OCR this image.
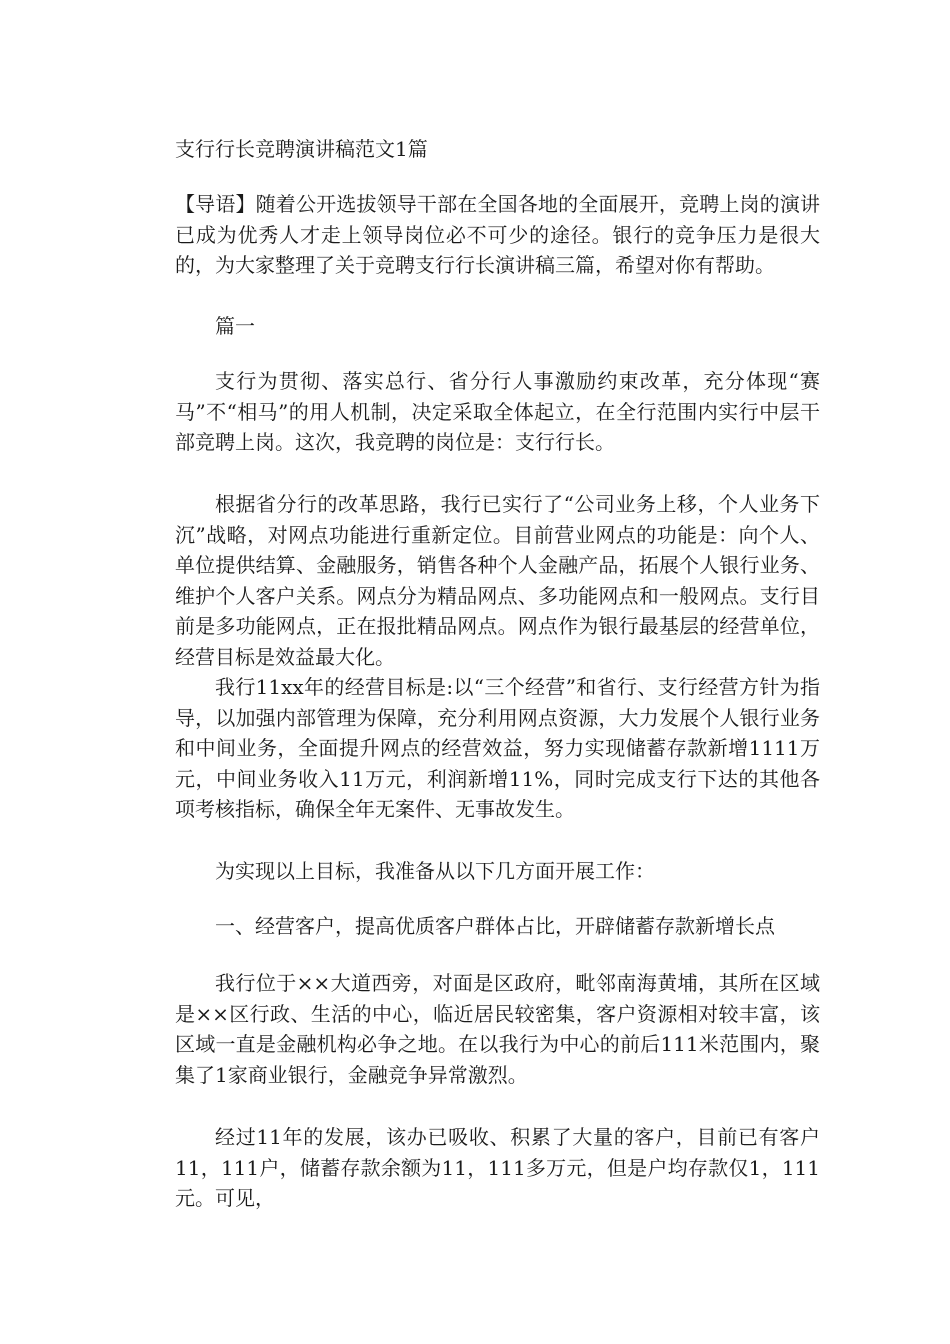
支行行长竞聘演讲稿范文1篇
【导语】随着公开选拔领导干部在全国各地的全面展开，竞聘上岗的演讲已成为优秀人才走上领导岗位必不可少的途径。银行的竞争压力是很大的，为大家整理了关于竞聘支行行长演讲稿三篇，希望对你有帮助。
篇一
支行为贯彻、落实总行、省分行人事激励约束改革，充分体现“赛马”不“相马”的用人机制，决定采取全体起立，在全行范围内实行中层干部竞聘上岗。这次，我竞聘的岗位是：支行行长。
根据省分行的改革思路，我行已实行了“公司业务上移，个人业务下沉”战略，对网点功能进行重新定位。目前营业网点的功能是：向个人、单位提供结算、金融服务，销售各种个人金融产品，拓展个人银行业务、维护个人客户关系。网点分为精品网点、多功能网点和一般网点。支行目前是多功能网点，正在报批精品网点。网点作为银行最基层的经营单位，经营目标是效益最大化。
我行11xx年的经营目标是:以“三个经营”和省行、支行经营方针为指导，以加强内部管理为保障，充分利用网点资源，大力发展个人银行业务和中间业务，全面提升网点的经营效益，努力实现储蓄存款新增1111万元，中间业务收入11万元，利润新增11%，同时完成支行下达的其他各项考核指标，确保全年无案件、无事故发生。
为实现以上目标，我准备从以下几方面开展工作：
一、经营客户，提高优质客户群体占比，开辟储蓄存款新增长点
我行位于××大道西旁，对面是区政府，毗邻南海黄埔，其所在区域是××区行政、生活的中心，临近居民较密集，客户资源相对较丰富，该区域一直是金融机构必争之地。在以我行为中心的前后111米范围内，聚集了1家商业银行，金融竞争异常激烈。
经过11年的发展，该办已吸收、积累了大量的客户，目前已有客户11，111户，储蓄存款余额为11，111多万元，但是户均存款仅1，111元。可见，
